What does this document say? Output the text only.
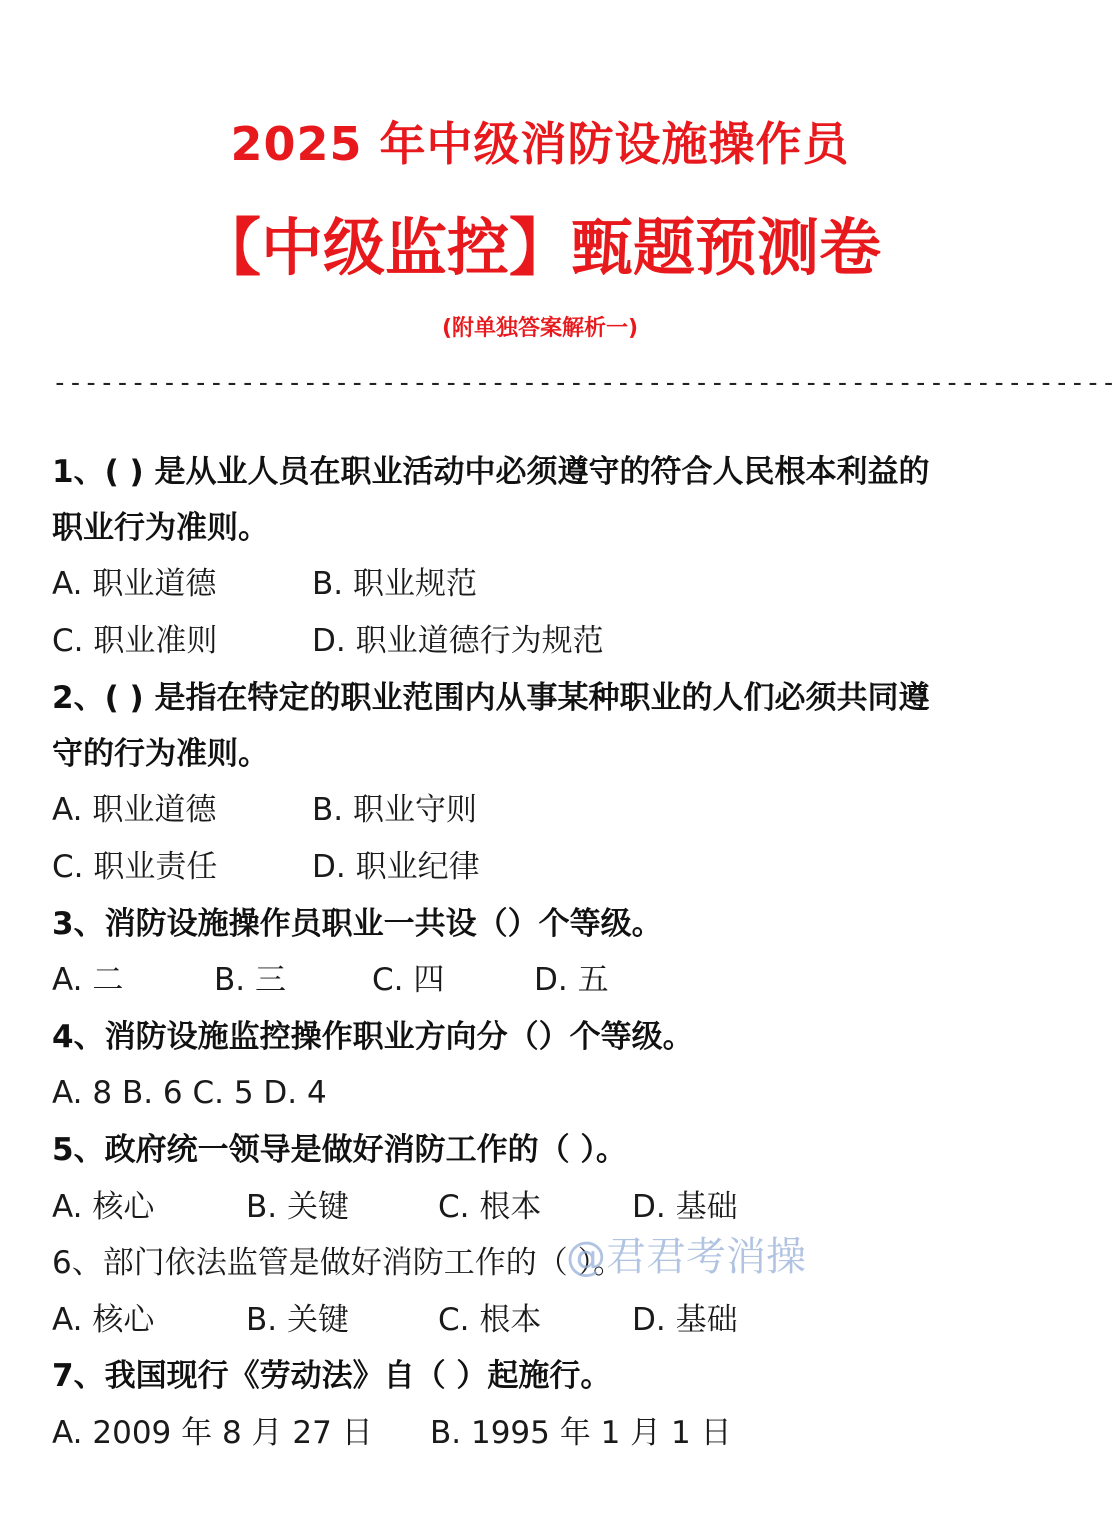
2025 年中级消防设施操作员
【中级监控】甄题预测卷
(附单独答案解析一)
--------------------------------------------------------------------
1、( ) 是从业人员在职业活动中必须遵守的符合人民根本利益的
职业行为准则。
A. 职业道德	B. 职业规范
C. 职业准则	D. 职业道德行为规范
2、( ) 是指在特定的职业范围内从事某种职业的人们必须共同遵
守的行为准则。
A. 职业道德	B. 职业守则
C. 职业责任	D. 职业纪律
3、消防设施操作员职业一共设（）个等级。
A. 二	B. 三	C. 四	D. 五
4、消防设施监控操作职业方向分（）个等级。
A. 8 B. 6 C. 5 D. 4
5、政府统一领导是做好消防工作的（ ）。
A. 核心	B. 关键	C. 根本	D. 基础
6、部门依法监管是做好消防工作的（ ）。
A. 核心	B. 关键	C. 根本	D. 基础
7、我国现行《劳动法》自（ ）起施行。
A. 2009 年 8 月 27 日 B. 1995 年 1 月 1 日
@君君考消操
